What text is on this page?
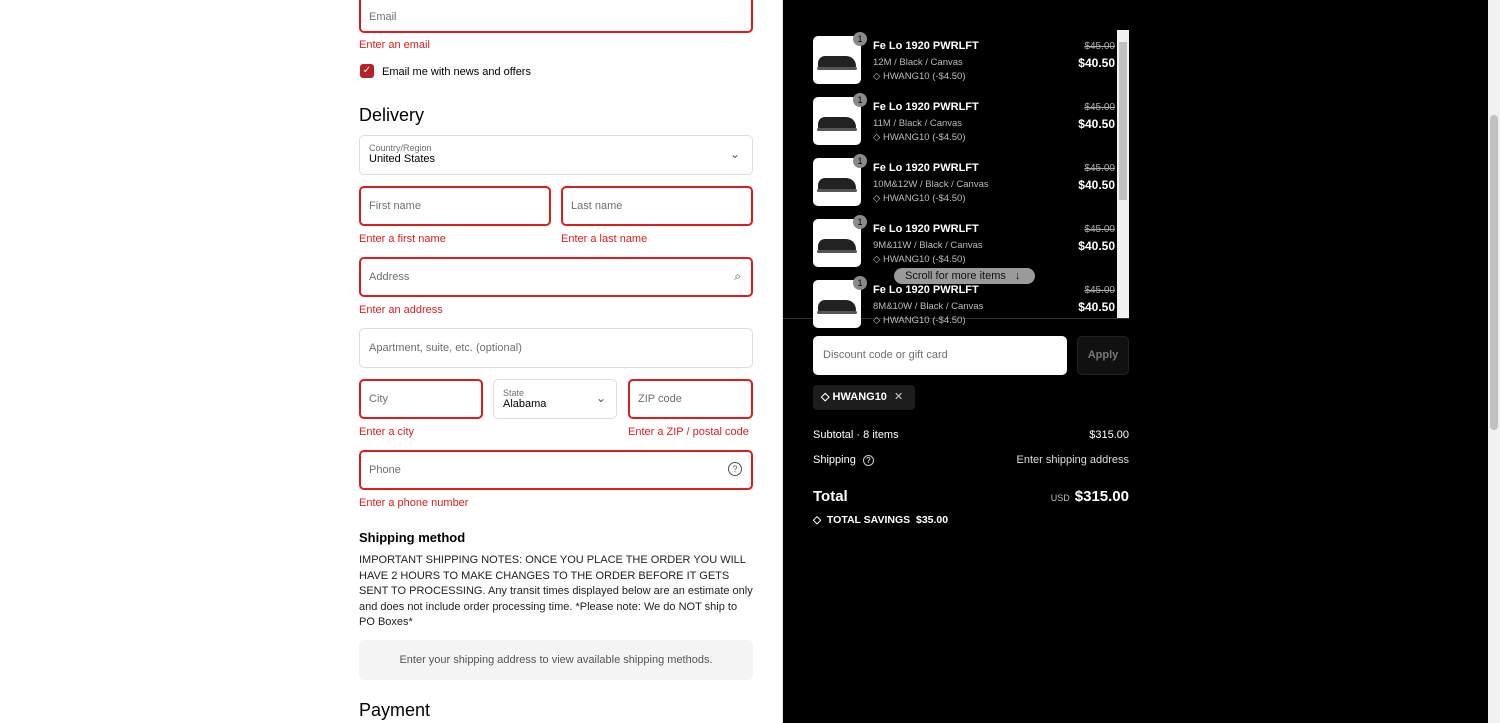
Email
Enter an email
✓ Email me with news and offers
Delivery
Country/Region
United States	⌄
First name
Enter a first name
Last name
Enter a last name
Address	⌕
Enter an address
Apartment, suite, etc. (optional)
City
Enter a city
State
Alabama	⌄	ZIP code
Enter a ZIP / postal code
Phone	?
Enter a phone number
Shipping method
IMPORTANT SHIPPING NOTES: ONCE YOU PLACE THE ORDER YOU WILL HAVE 2 HOURS TO MAKE CHANGES TO THE ORDER BEFORE IT GETS SENT TO PROCESSING. Any transit times displayed below are an estimate only and does not include order processing time. *Please note: We do NOT ship to PO Boxes*
Enter your shipping address to view available shipping methods.
Payment
1
Fe Lo 1920 PWRLFT
12M / Black / Canvas
◇ HWANG10 (-$4.50)
$45.00
$40.50
1
Fe Lo 1920 PWRLFT
11M / Black / Canvas
◇ HWANG10 (-$4.50)
$45.00
$40.50
1
Fe Lo 1920 PWRLFT
10M&12W / Black / Canvas
◇ HWANG10 (-$4.50)
$45.00
$40.50
1
Fe Lo 1920 PWRLFT
9M&11W / Black / Canvas
◇ HWANG10 (-$4.50)
$45.00
$40.50
1
Fe Lo 1920 PWRLFT
8M&10W / Black / Canvas
◇ HWANG10 (-$4.50)
$45.00
$40.50
Scroll for more items ↓
Discount code or gift card	Apply
◇ HWANG10 ✕
Subtotal · 8 items	$315.00
Shipping ?	Enter shipping address
Total	USD $315.00
◇ TOTAL SAVINGS $35.00
